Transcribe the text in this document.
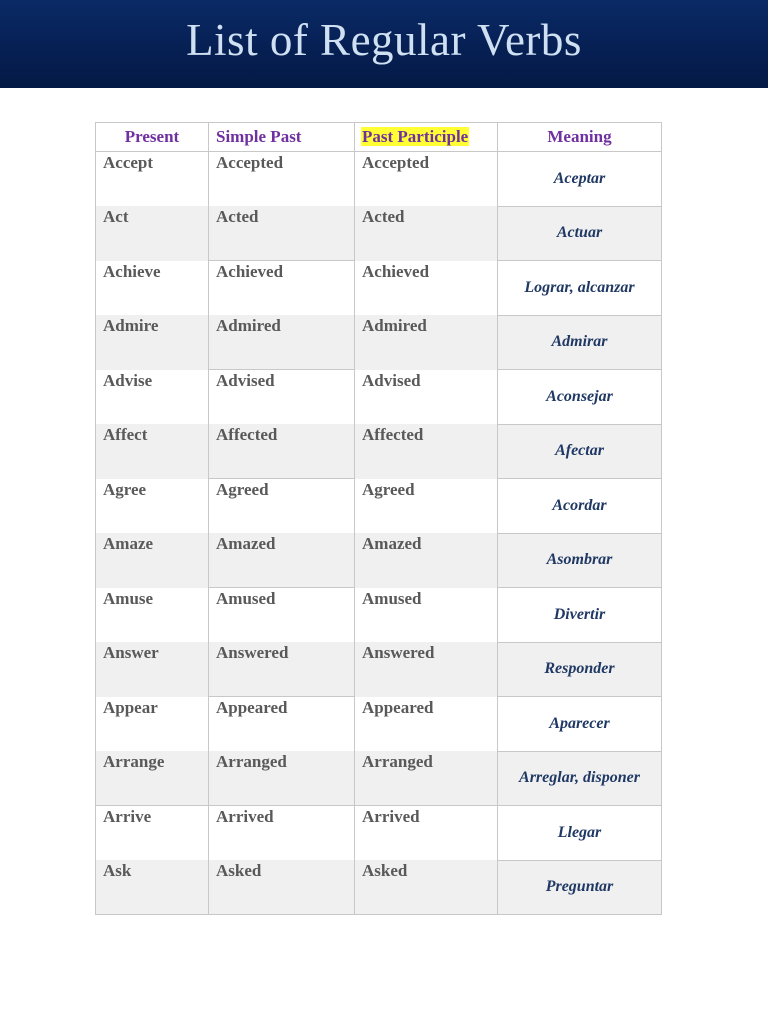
List of Regular Verbs
Present	Simple Past	Past Participle	Meaning
Accept	Accepted	Accepted	Aceptar
Act	Acted	Acted	Actuar
Achieve	Achieved	Achieved	Lograr, alcanzar
Admire	Admired	Admired	Admirar
Advise	Advised	Advised	Aconsejar
Affect	Affected	Affected	Afectar
Agree	Agreed	Agreed	Acordar
Amaze	Amazed	Amazed	Asombrar
Amuse	Amused	Amused	Divertir
Answer	Answered	Answered	Responder
Appear	Appeared	Appeared	Aparecer
Arrange	Arranged	Arranged	Arreglar, disponer
Arrive	Arrived	Arrived	Llegar
Ask	Asked	Asked	Preguntar
